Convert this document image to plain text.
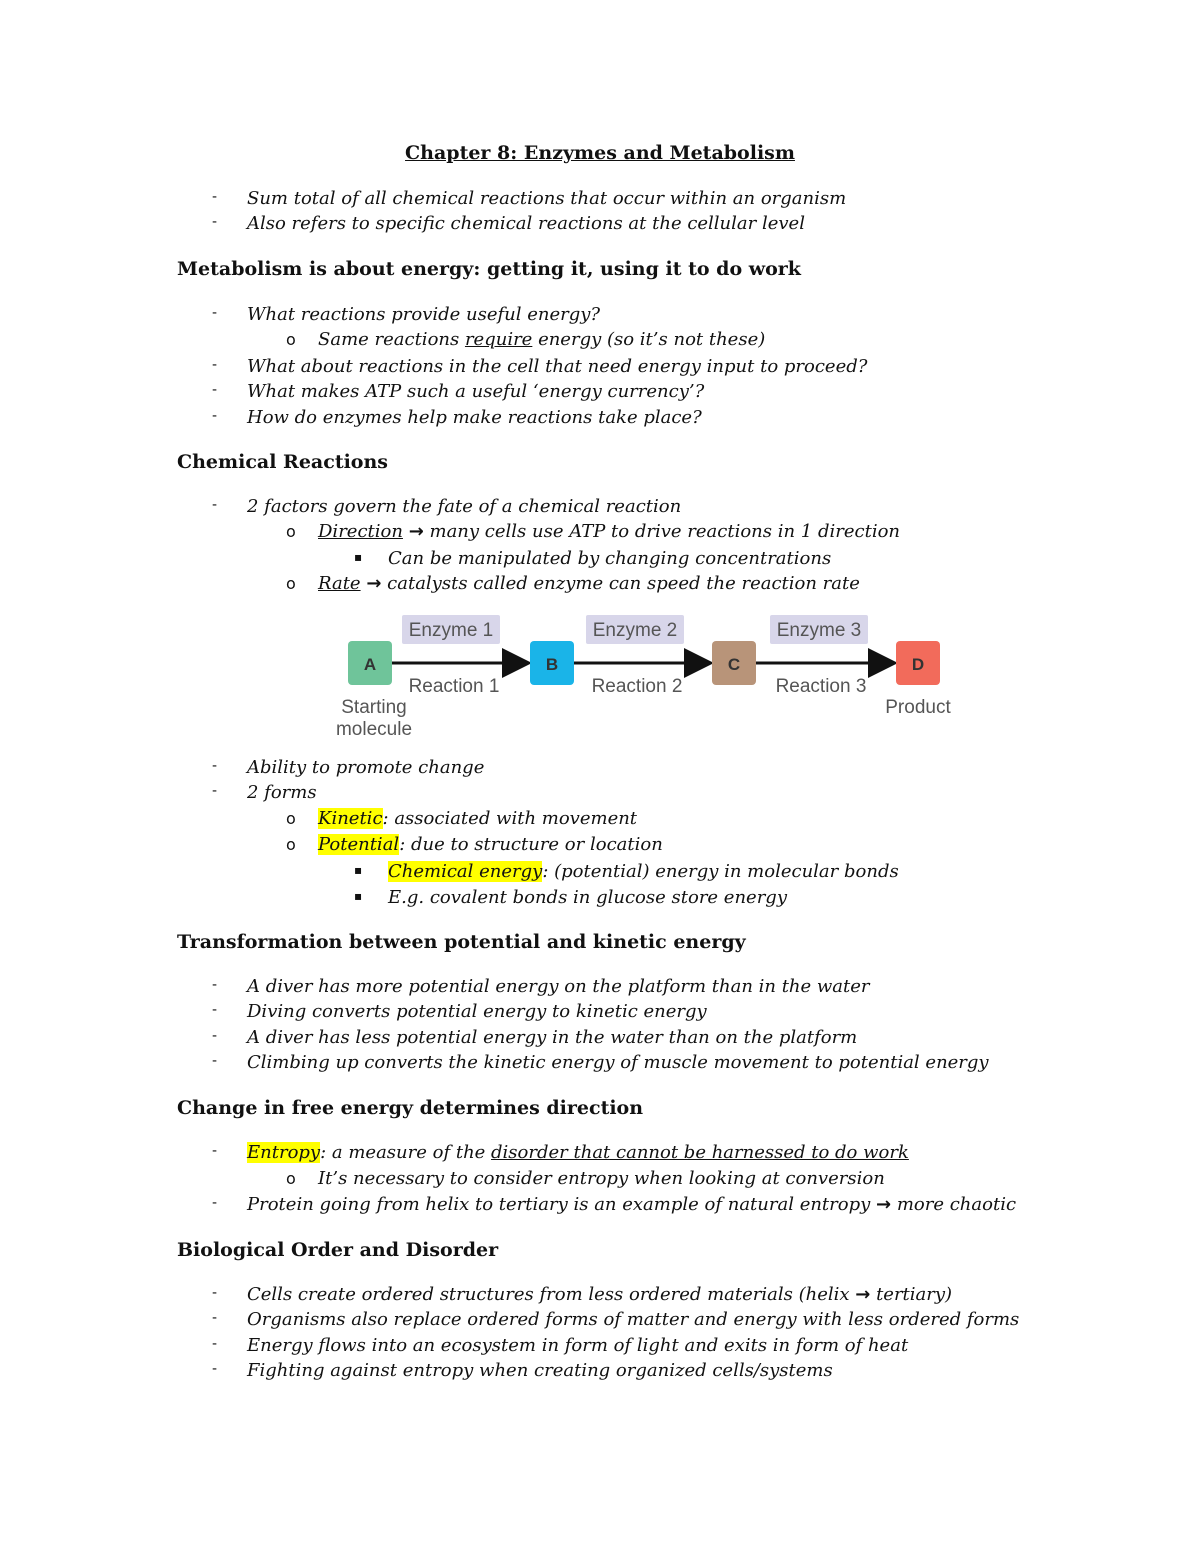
Chapter 8: Enzymes and Metabolism
- Sum total of all chemical reactions that occur within an organism
- Also refers to specific chemical reactions at the cellular level
Metabolism is about energy: getting it, using it to do work
- What reactions provide useful energy?
o Same reactions require energy (so it’s not these)
- What about reactions in the cell that need energy input to proceed?
- What makes ATP such a useful ‘energy currency’?
- How do enzymes help make reactions take place?
Chemical Reactions
- 2 factors govern the fate of a chemical reaction
o Direction → many cells use ATP to drive reactions in 1 direction
▪ Can be manipulated by changing concentrations
o Rate → catalysts called enzyme can speed the reaction rate
Enzyme 1	Enzyme 2	Enzyme 3
A	B	C	D
Reaction 1	Reaction 2	Reaction 3
Starting
molecule
Product
- Ability to promote change
- 2 forms
o Kinetic: associated with movement
o Potential: due to structure or location
▪ Chemical energy: (potential) energy in molecular bonds
▪ E.g. covalent bonds in glucose store energy
Transformation between potential and kinetic energy
- A diver has more potential energy on the platform than in the water
- Diving converts potential energy to kinetic energy
- A diver has less potential energy in the water than on the platform
- Climbing up converts the kinetic energy of muscle movement to potential energy
Change in free energy determines direction
- Entropy: a measure of the disorder that cannot be harnessed to do work
o It’s necessary to consider entropy when looking at conversion
- Protein going from helix to tertiary is an example of natural entropy → more chaotic
Biological Order and Disorder
- Cells create ordered structures from less ordered materials (helix → tertiary)
- Organisms also replace ordered forms of matter and energy with less ordered forms
- Energy flows into an ecosystem in form of light and exits in form of heat
- Fighting against entropy when creating organized cells/systems
